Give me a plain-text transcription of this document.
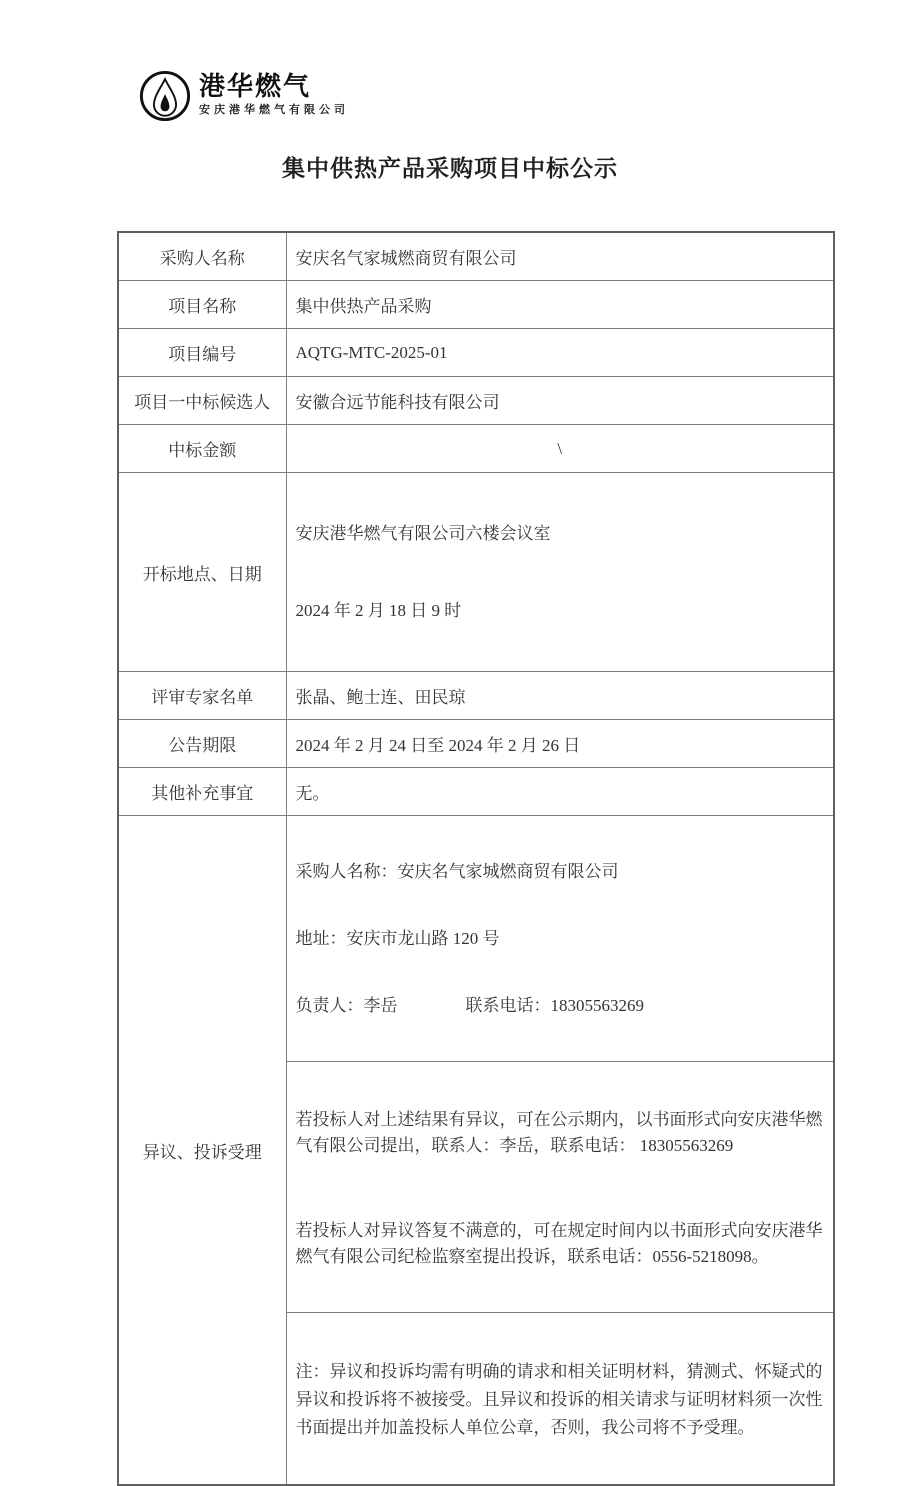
港华燃气
安庆港华燃气有限公司
集中供热产品采购项目中标公示
采购人名称	安庆名气家城燃商贸有限公司
项目名称	集中供热产品采购
项目编号	AQTG-MTC-2025-01
项目一中标候选人	安徽合远节能科技有限公司
中标金额	\
开标地点、日期	安庆港华燃气有限公司六楼会议室

2024 年 2 月 18 日 9 时

评审专家名单	张晶、鲍士连、田民琼
公告期限	2024 年 2 月 24 日至 2024 年 2 月 26 日
其他补充事宜	无。
异议、投诉受理	采购人名称：安庆名气家城燃商贸有限公司

地址：安庆市龙山路 120 号

负责人：李岳　　　　联系电话：18305563269

	若投标人对上述结果有异议，可在公示期内，以书面形式向安庆港华燃气有限公司提出，联系人：李岳，联系电话： 18305563269

若投标人对异议答复不满意的，可在规定时间内以书面形式向安庆港华燃气有限公司纪检监察室提出投诉，联系电话：0556-5218098。

	注：异议和投诉均需有明确的请求和相关证明材料，猜测式、怀疑式的异议和投诉将不被接受。且异议和投诉的相关请求与证明材料须一次性书面提出并加盖投标人单位公章，否则，我公司将不予受理。
